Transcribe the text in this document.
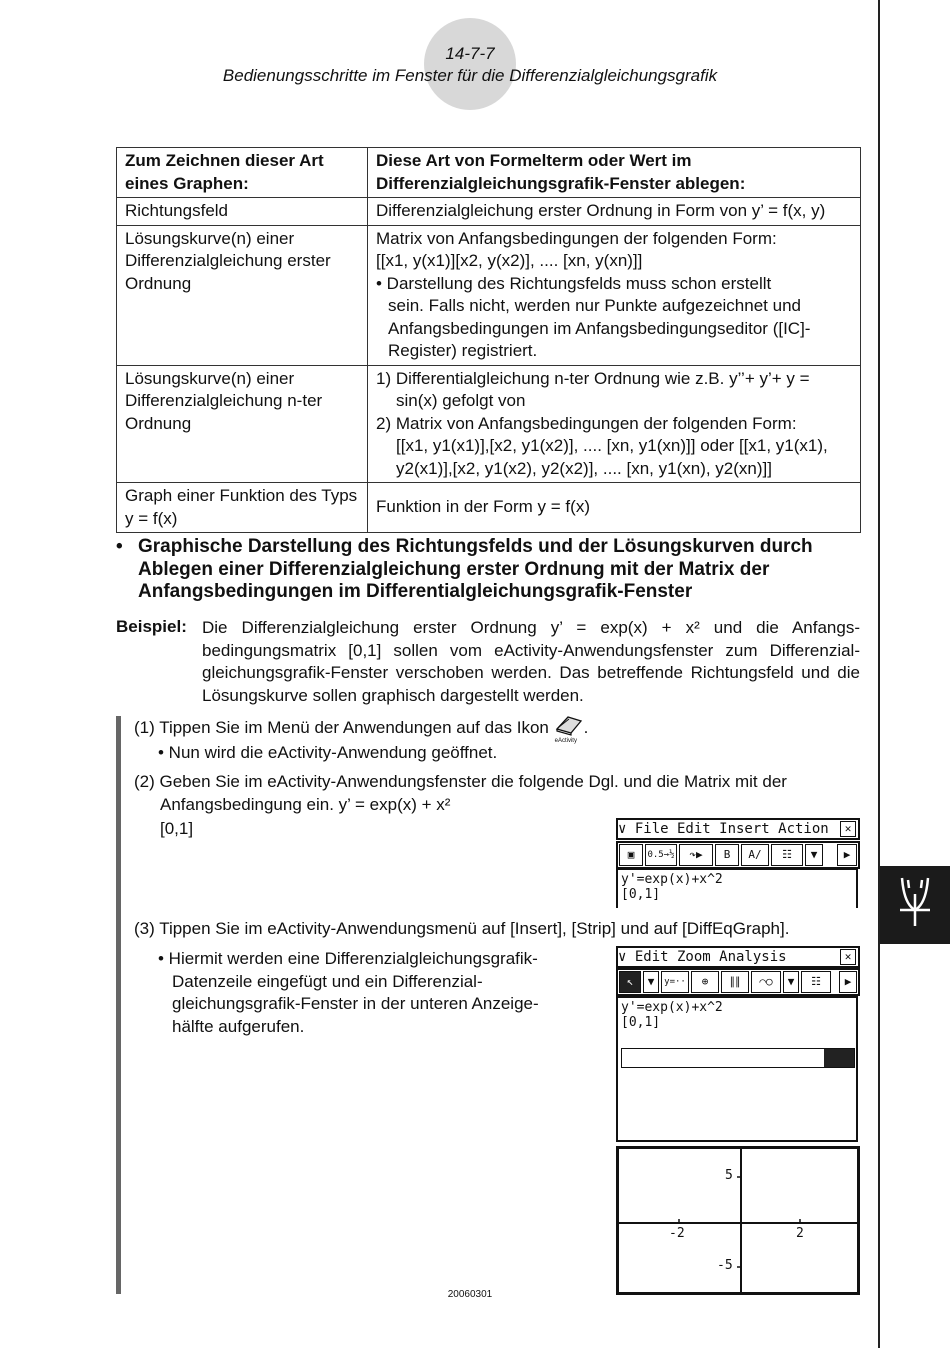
14-7-7
Bedienungsschritte im Fenster für die Differenzialgleichungsgrafik
Zum Zeichnen dieser Art eines Graphen:	Diese Art von Formelterm oder Wert im Differenzialgleichungsgrafik-Fenster ablegen:
Richtungsfeld	Differenzialgleichung erster Ordnung in Form von y’ = f(x, y)
Lösungskurve(n) einer Differenzialgleichung erster Ordnung	Matrix von Anfangsbedingungen der folgenden Form:
[[x1, y(x1)][x2, y(x2)], .... [xn, y(xn)]]
• Darstellung des Richtungsfelds muss schon erstellt
sein. Falls nicht, werden nur Punkte aufgezeichnet und Anfangsbedingungen im Anfangsbedingungseditor ([IC]-Register) registriert.

Lösungskurve(n) einer Differenzialgleichung n-ter Ordnung	1) Differentialgleichung n-ter Ordnung wie z.B. y’’+ y’+ y =
sin(x) gefolgt von
2) Matrix von Anfangsbedingungen der folgenden Form:
[[x1, y1(x1)],[x2, y1(x2)], .... [xn, y1(xn)]] oder [[x1, y1(x1), y2(x1)],[x2, y1(x2), y2(x2)], .... [xn, y1(xn), y2(xn)]]

Graph einer Funktion des Typs y = f(x)	Funktion in der Form y = f(x)
• Graphische Darstellung des Richtungsfelds und der Lösungskurven durch Ablegen einer Differenzialgleichung erster Ordnung mit der Matrix der Anfangsbedingungen im Differentialgleichungsgrafik-Fenster
Beispiel: Die Differenzialgleichung erster Ordnung y’ = exp(x) + x² und die Anfangs-bedingungsmatrix [0,1] sollen vom eActivity-Anwendungsfenster zum Differenzial-gleichungsgrafik-Fenster verschoben werden. Das betreffende Richtungsfeld und die Lösungskurve sollen graphisch dargestellt werden.
(1) Tippen Sie im Menü der Anwendungen auf das Ikon
eActivity
.
• Nun wird die eActivity-Anwendung geöffnet.
(2) Geben Sie im eActivity-Anwendungsfenster die folgende Dgl. und die Matrix mit der
Anfangsbedingung ein. y’ = exp(x) + x²
[0,1]	∨ File Edit Insert Action	✕
▣	0.5→½	↷▶	B	A∕	☷	▼	▶
y'=exp(x)+x^2
[0,1]
(3) Tippen Sie im eActivity-Anwendungsmenü auf [Insert], [Strip] und auf [DiffEqGraph].
• Hiermit werden eine Differenzialgleichungsgrafik-Datenzeile eingefügt und ein Differenzial-gleichungsgrafik-Fenster in der unteren Anzeige-hälfte aufgerufen.
∨ Edit Zoom Analysis	✕
↖	▼	y=··	⊕	∥∥	⌒○	▼	☷	▶
y'=exp(x)+x^2
[0,1]
5
-5
-2	2
20060301
